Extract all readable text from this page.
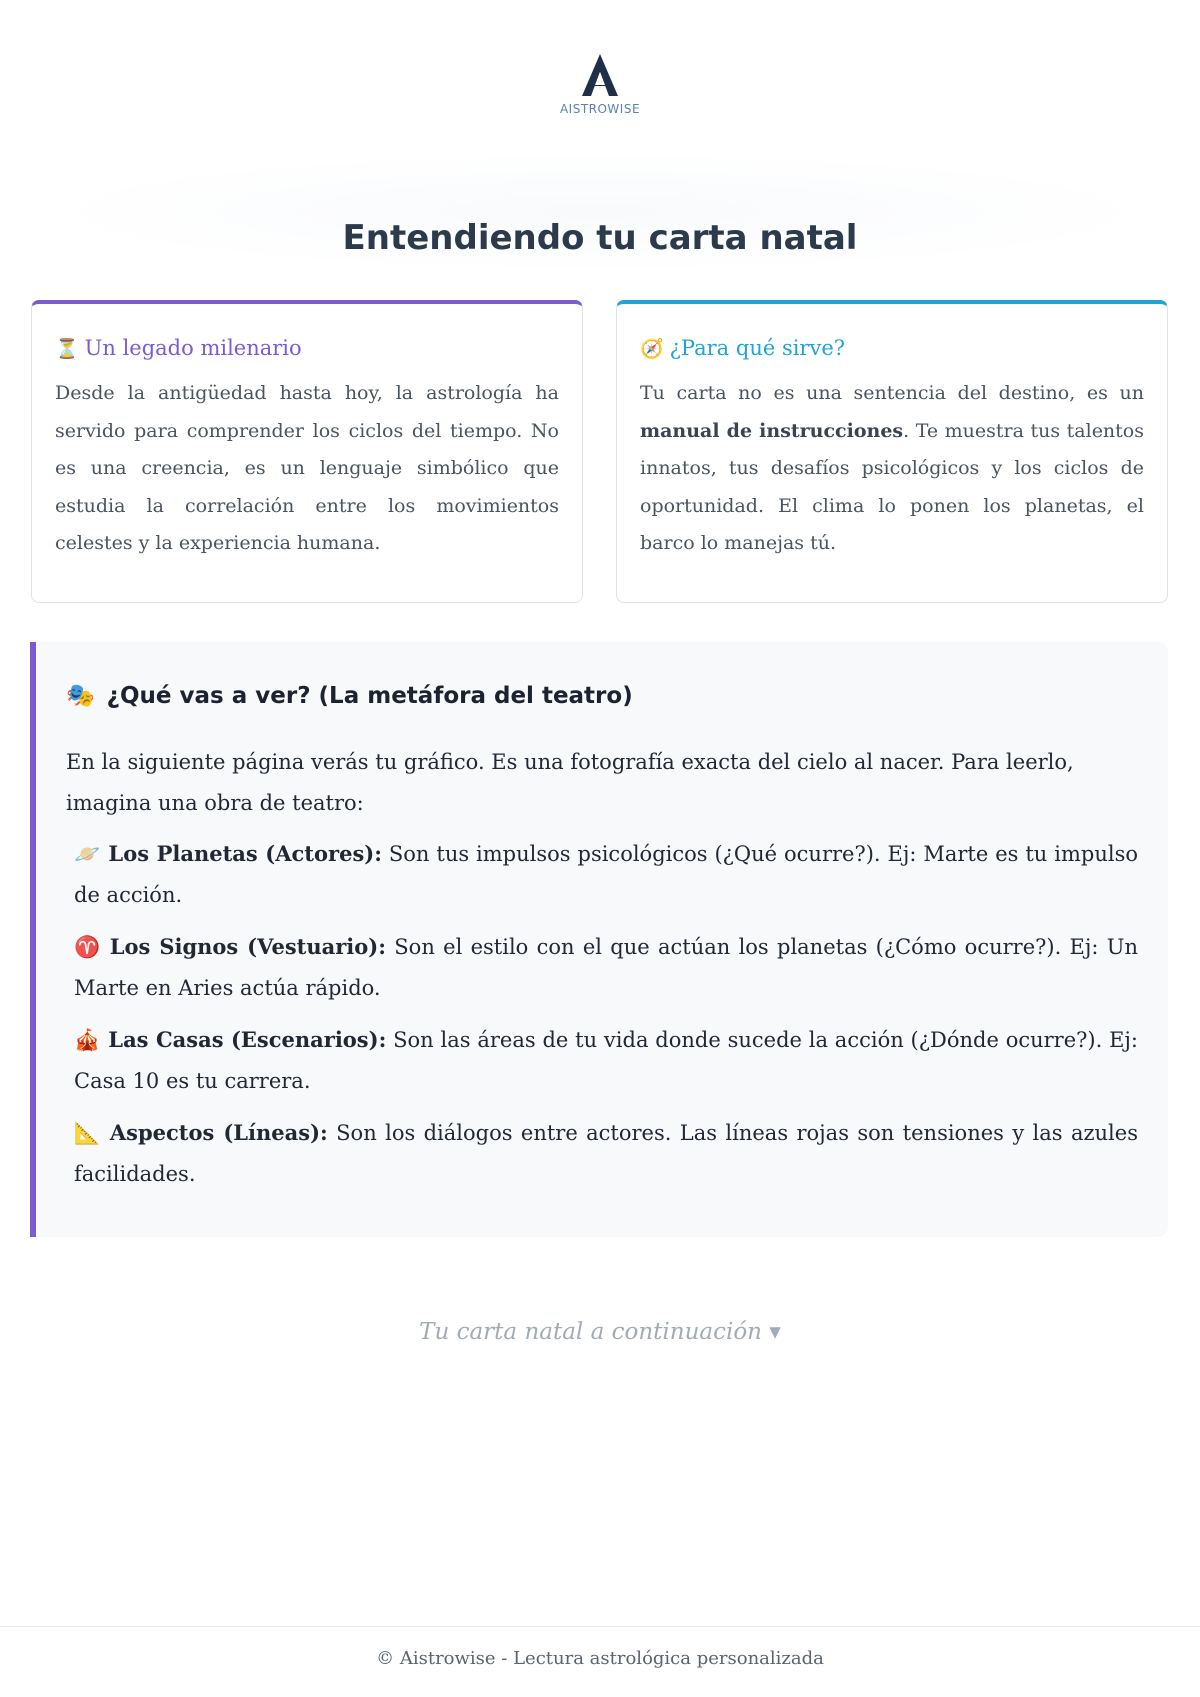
AISTROWISE
Entendiendo tu carta natal
⏳ Un legado milenario

Desde la antigüedad hasta hoy, la astrología ha servido para comprender los ciclos del tiempo. No es una creencia, es un lenguaje simbólico que estudia la correlación entre los movimientos celestes y la experiencia humana.

🧭 ¿Para qué sirve?

Tu carta no es una sentencia del destino, es un manual de instrucciones. Te muestra tus talentos innatos, tus desafíos psicológicos y los ciclos de oportunidad. El clima lo ponen los planetas, el barco lo manejas tú.

🎭 ¿Qué vas a ver? (La metáfora del teatro)

En la siguiente página verás tu gráfico. Es una fotografía exacta del cielo al nacer. Para leerlo, imagina una obra de teatro:

🪐 Los Planetas (Actores): Son tus impulsos psicológicos (¿Qué ocurre?). Ej: Marte es tu impulso de acción.

♈ Los Signos (Vestuario): Son el estilo con el que actúan los planetas (¿Cómo ocurre?). Ej: Un Marte en Aries actúa rápido.

🎪 Las Casas (Escenarios): Son las áreas de tu vida donde sucede la acción (¿Dónde ocurre?). Ej: Casa 10 es tu carrera.

📐 Aspectos (Líneas): Son los diálogos entre actores. Las líneas rojas son tensiones y las azules facilidades.

Tu carta natal a continuación ▾
© Aistrowise - Lectura astrológica personalizada
